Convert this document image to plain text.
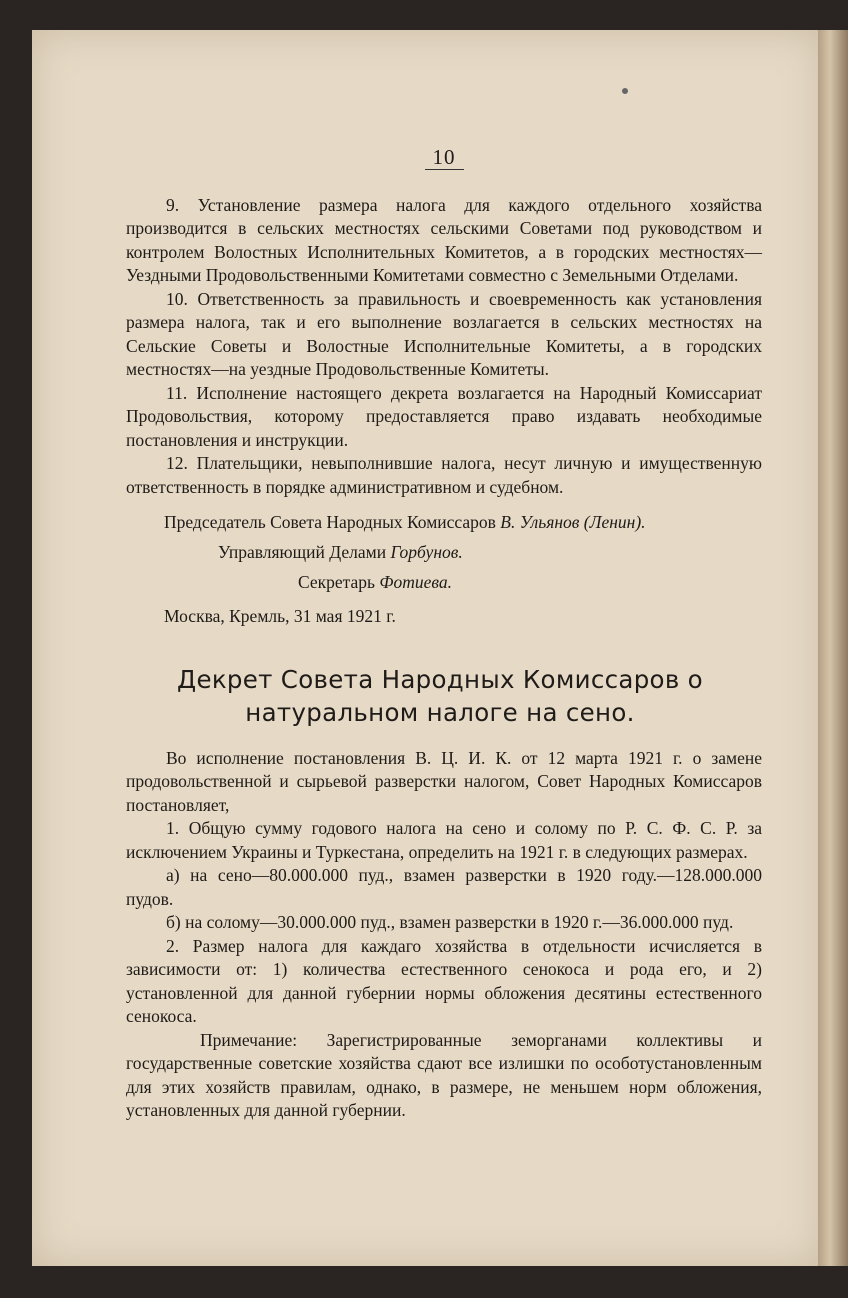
10

9. Установление размера налога для каждого отдельного хозяйства производится в сельских местностях сельскими Советами под руководством и контролем Волостных Исполнительных Комитетов, а в городских местностях—Уездными Продовольственными Комитетами совместно с Земельными Отделами.

10. Ответственность за правильность и своевременность как установления размера налога, так и его выполнение возлагается в сельских местностях на Сельские Советы и Волостные Исполнительные Комитеты, а в городских местностях—на уездные Продовольственные Комитеты.

11. Исполнение настоящего декрета возлагается на Народный Комиссариат Продовольствия, которому предоставляется право издавать необходимые постановления и инструкции.

12. Плательщики, невыполнившие налога, несут личную и имущественную ответственность в порядке административном и судебном.

Председатель Совета Народных Комиссаров В. Ульянов (Ленин).
Управляющий Делами Горбунов.
Секретарь Фотиева.
Москва, Кремль, 31 мая 1921 г.
Декрет Совета Народных Комиссаров о натуральном налоге на сено.

Во исполнение постановления В. Ц. И. К. от 12 марта 1921 г. о замене продовольственной и сырьевой разверстки налогом, Совет Народных Комиссаров постановляет,

1. Общую сумму годового налога на сено и солому по Р. С. Ф. С. Р. за исключением Украины и Туркестана, определить на 1921 г. в следующих размерах.

а) на сено—80.000.000 пуд., взамен разверстки в 1920 году.—128.000.000 пудов.

б) на солому—30.000.000 пуд., взамен разверстки в 1920 г.—36.000.000 пуд.

2. Размер налога для каждаго хозяйства в отдельности исчисляется в зависимости от: 1) количества естественного сенокоса и рода его, и 2) установленной для данной губернии нормы обложения десятины естественного сенокоса.

Примечание: Зарегистрированные земорганами коллективы и государственные советские хозяйства сдают все излишки по особотустановленным для этих хозяйств правилам, однако, в размере, не меньшем норм обложения, установленных для данной губернии.
